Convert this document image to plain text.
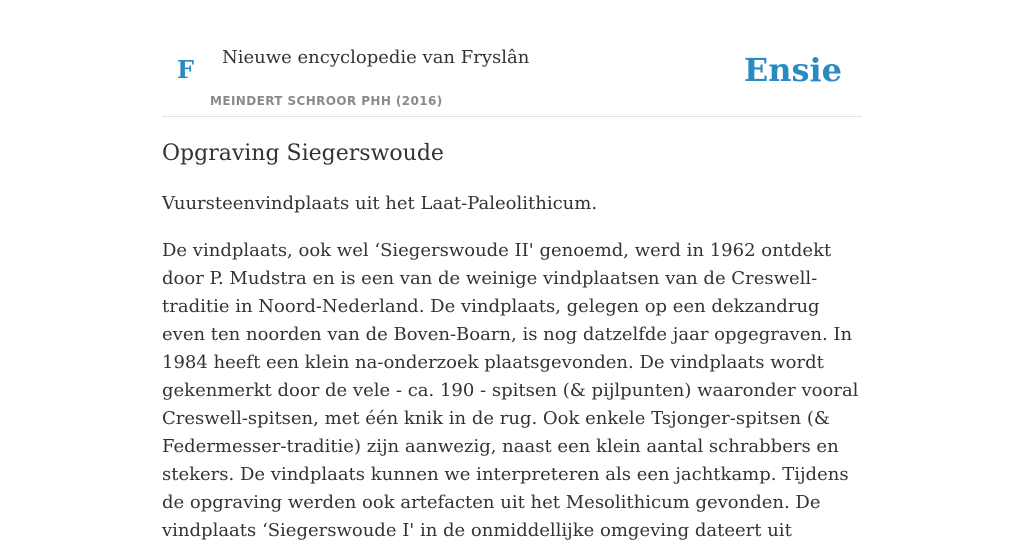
F Nieuwe encyclopedie van Fryslân
MEINDERT SCHROOR PHH (2016)
Ensie
Opgraving Siegerswoude

Vuursteenvindplaats uit het Laat-Paleolithicum.

De vindplaats, ook wel ‘Siegerswoude II' genoemd, werd in 1962 ontdekt door P. Mudstra en is een van de weinige vindplaatsen van de Creswell-traditie in Noord-Nederland. De vindplaats, gelegen op een dekzandrug even ten noorden van de Boven-Boarn, is nog datzelfde jaar opgegraven. In 1984 heeft een klein na-onderzoek plaatsgevonden. De vindplaats wordt gekenmerkt door de vele - ca. 190 - spitsen (& pijlpunten) waaronder vooral Creswell-spitsen, met één knik in de rug. Ook enkele Tsjonger-spitsen (& Federmesser-traditie) zijn aanwezig, naast een klein aantal schrabbers en stekers. De vindplaats kunnen we interpreteren als een jachtkamp. Tijdens de opgraving werden ook artefacten uit het Mesolithicum gevonden. De vindplaats ‘Siegerswoude I' in de onmiddellijke omgeving dateert uit
